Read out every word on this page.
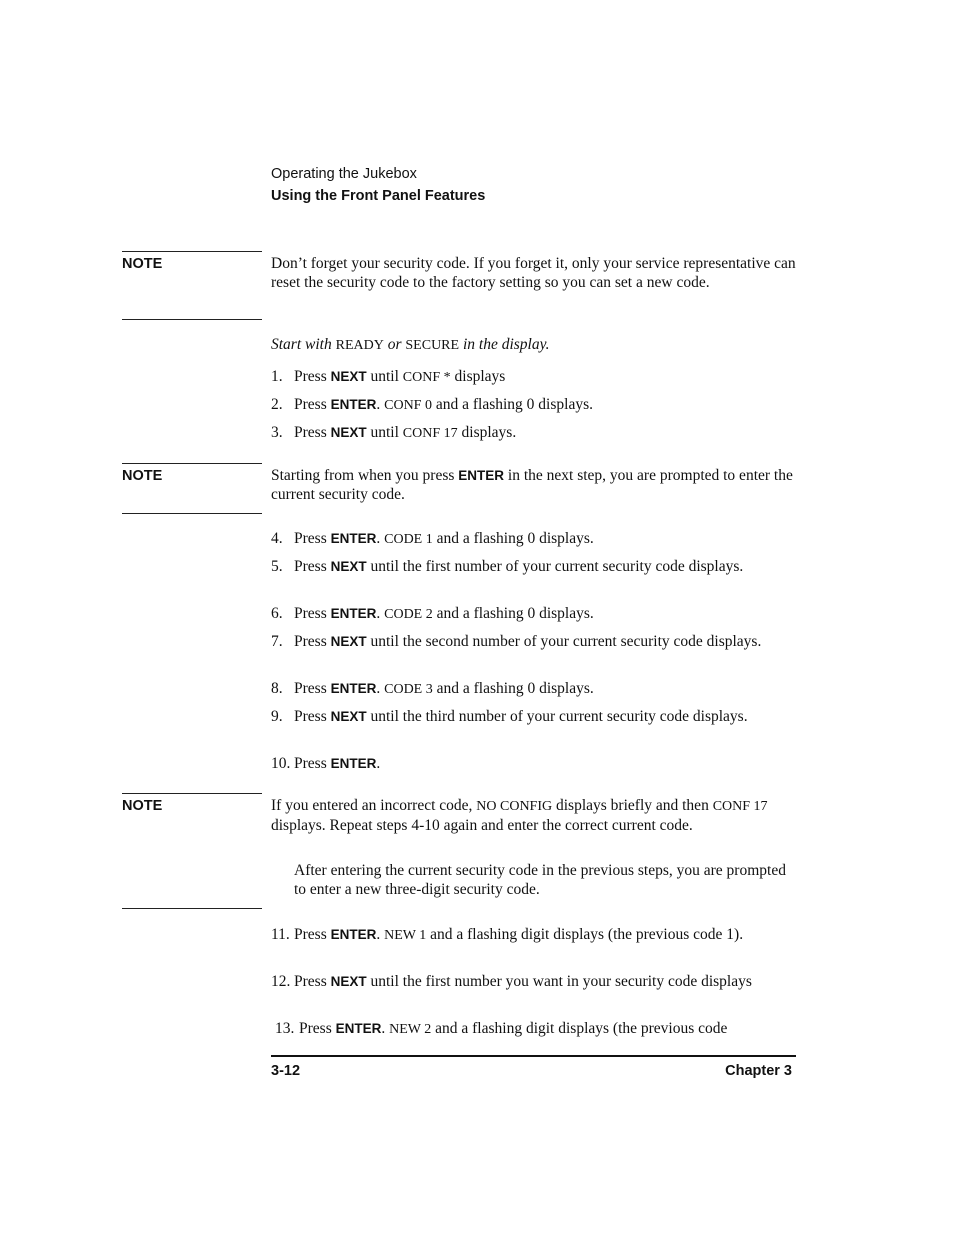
Operating the Jukebox
Using the Front Panel Features
NOTE	Don’t forget your security code. If you forget it, only your service representative can reset the security code to the factory setting so you can set a new code.
Start with READY or SECURE in the display.
1. Press NEXT until CONF * displays
2. Press ENTER. CONF 0 and a flashing 0 displays.
3. Press NEXT until CONF 17 displays.
NOTE	Starting from when you press ENTER in the next step, you are prompted to enter the current security code.
4. Press ENTER. CODE 1 and a flashing 0 displays.
5. Press NEXT until the first number of your current security code displays.
6. Press ENTER. CODE 2 and a flashing 0 displays.
7. Press NEXT until the second number of your current security code displays.
8. Press ENTER. CODE 3 and a flashing 0 displays.
9. Press NEXT until the third number of your current security code displays.
10. Press ENTER.
NOTE	If you entered an incorrect code, NO CONFIG displays briefly and then CONF 17 displays. Repeat steps 4-10 again and enter the correct current code.
After entering the current security code in the previous steps, you are prompted to enter a new three-digit security code.
11. Press ENTER. NEW 1 and a flashing digit displays (the previous code 1).
12. Press NEXT until the first number you want in your security code displays
13. Press ENTER. NEW 2 and a flashing digit displays (the previous code
3-12	Chapter 3
